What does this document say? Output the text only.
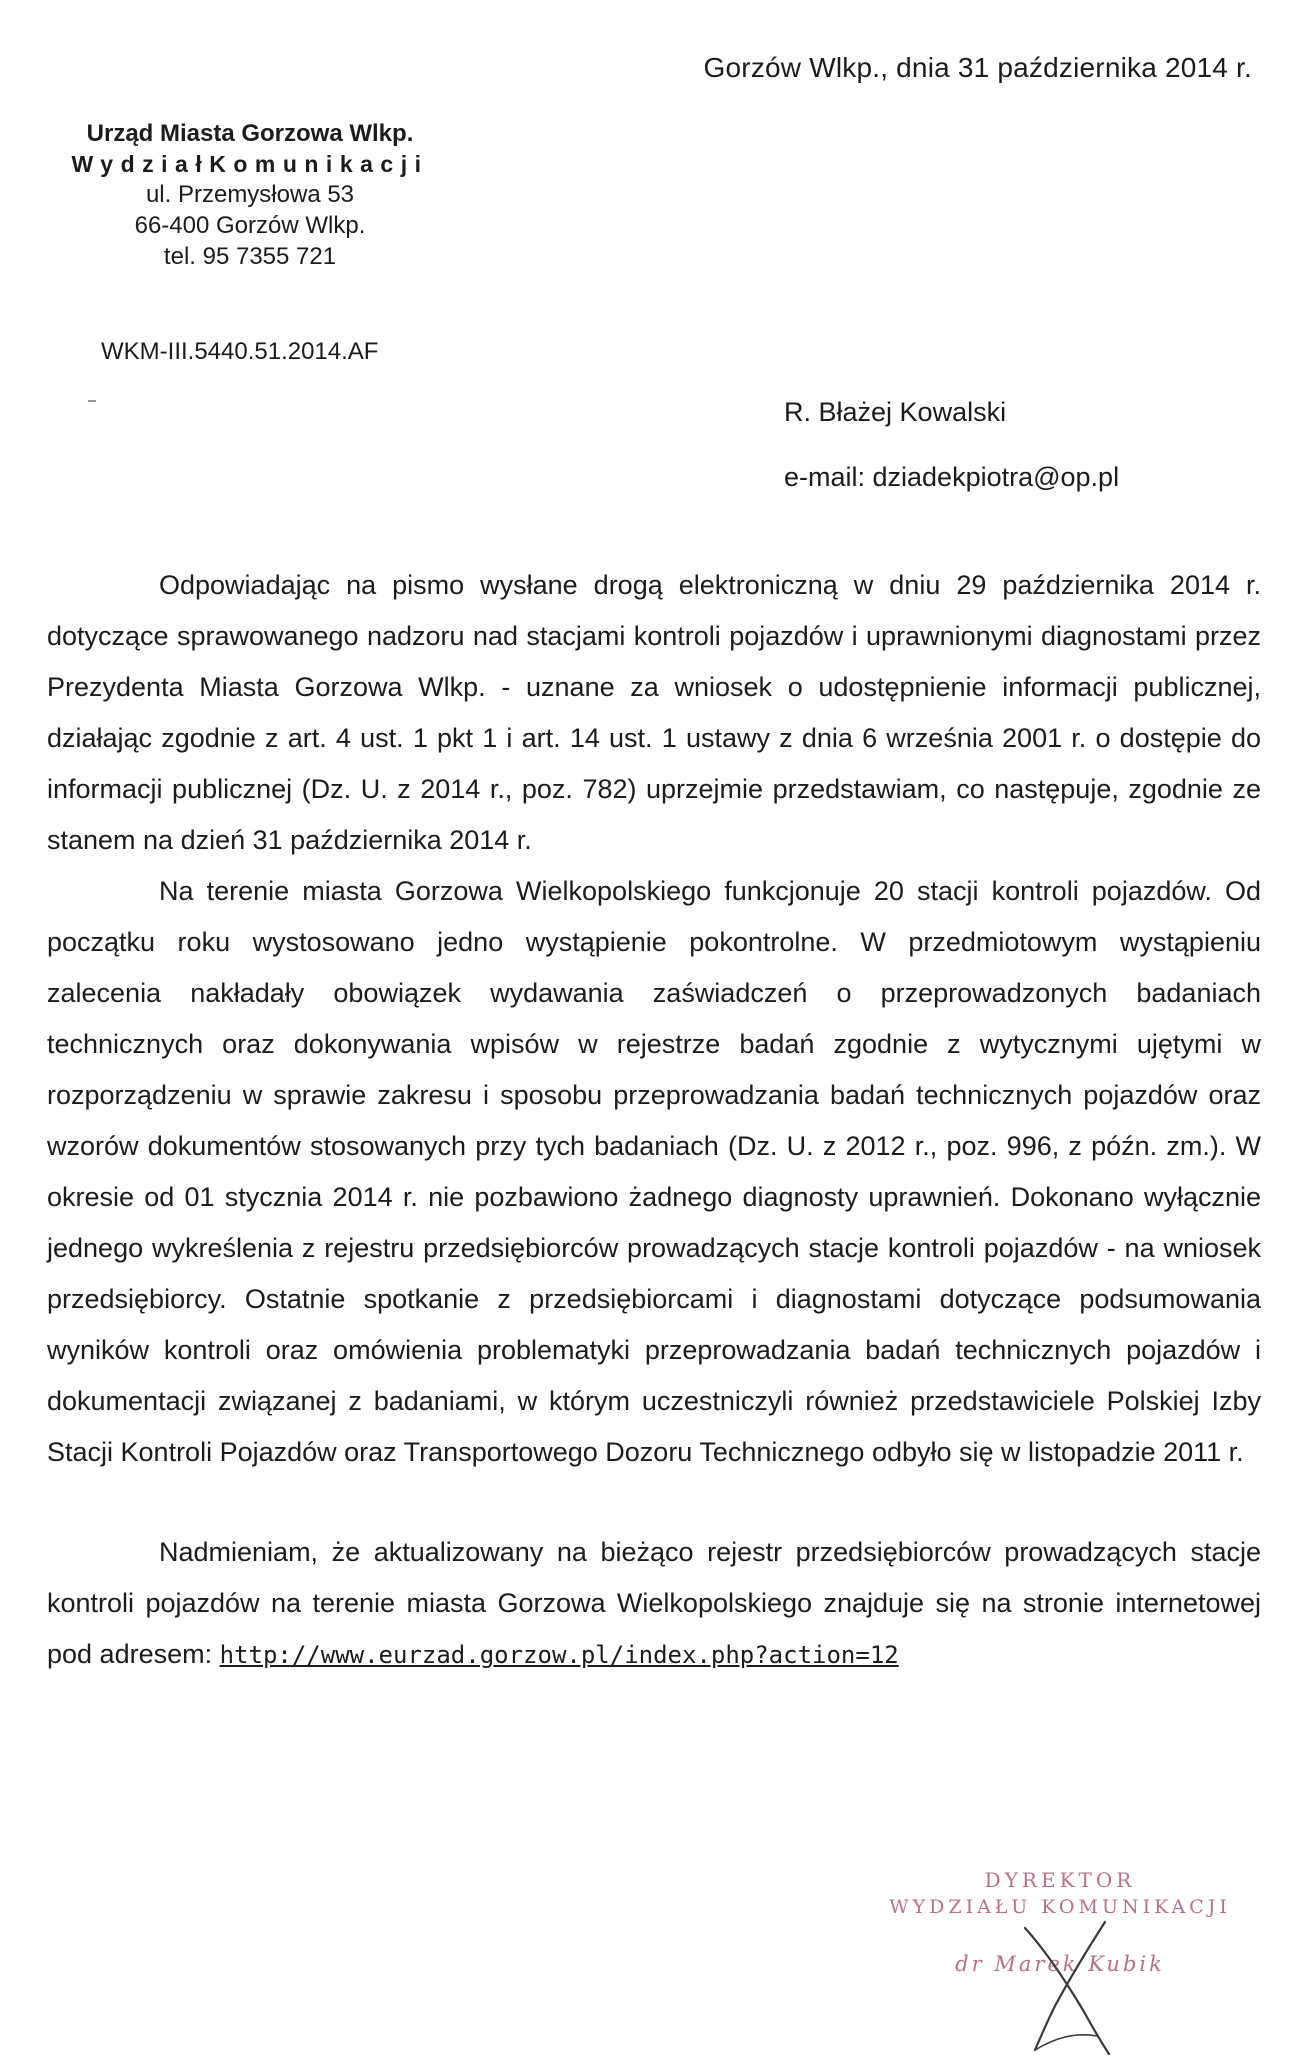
Gorzów Wlkp., dnia 31 października 2014 r.
Urząd Miasta Gorzowa Wlkp.
WydziałKomunikacji
ul. Przemysłowa 53
66-400 Gorzów Wlkp.
tel. 95 7355 721
WKM-III.5440.51.2014.AF
R. Błażej Kowalski
e-mail: dziadekpiotra@op.pl

Odpowiadając na pismo wysłane drogą elektroniczną w dniu 29 października 2014 r. dotyczące sprawowanego nadzoru nad stacjami kontroli pojazdów i uprawnionymi diagnostami przez Prezydenta Miasta Gorzowa Wlkp. - uznane za wniosek o udostępnienie informacji publicznej, działając zgodnie z art. 4 ust. 1 pkt 1 i art. 14 ust. 1 ustawy z dnia 6 września 2001 r. o dostępie do informacji publicznej (Dz. U. z 2014 r., poz. 782) uprzejmie przedstawiam, co następuje, zgodnie ze stanem na dzień 31 października 2014 r.

Na terenie miasta Gorzowa Wielkopolskiego funkcjonuje 20 stacji kontroli pojazdów. Od początku roku wystosowano jedno wystąpienie pokontrolne. W przedmiotowym wystąpieniu zalecenia nakładały obowiązek wydawania zaświadczeń o przeprowadzonych badaniach technicznych oraz dokonywania wpisów w rejestrze badań zgodnie z wytycznymi ujętymi w rozporządzeniu w sprawie zakresu i sposobu przeprowadzania badań technicznych pojazdów oraz wzorów dokumentów stosowanych przy tych badaniach (Dz. U. z 2012 r., poz. 996, z późn. zm.). W okresie od 01 stycznia 2014 r. nie pozbawiono żadnego diagnosty uprawnień. Dokonano wyłącznie jednego wykreślenia z rejestru przedsiębiorców prowadzących stacje kontroli pojazdów - na wniosek przedsiębiorcy. Ostatnie spotkanie z przedsiębiorcami i diagnostami dotyczące podsumowania wyników kontroli oraz omówienia problematyki przeprowadzania badań technicznych pojazdów i dokumentacji związanej z badaniami, w którym uczestniczyli również przedstawiciele Polskiej Izby Stacji Kontroli Pojazdów oraz Transportowego Dozoru Technicznego odbyło się w listopadzie 2011 r.

Nadmieniam, że aktualizowany na bieżąco rejestr przedsiębiorców prowadzących stacje kontroli pojazdów na terenie miasta Gorzowa Wielkopolskiego znajduje się na stronie internetowej pod adresem: http://www.eurzad.gorzow.pl/index.php?action=12

DYREKTOR
WYDZIAŁU KOMUNIKACJI
dr Marek Kubik
